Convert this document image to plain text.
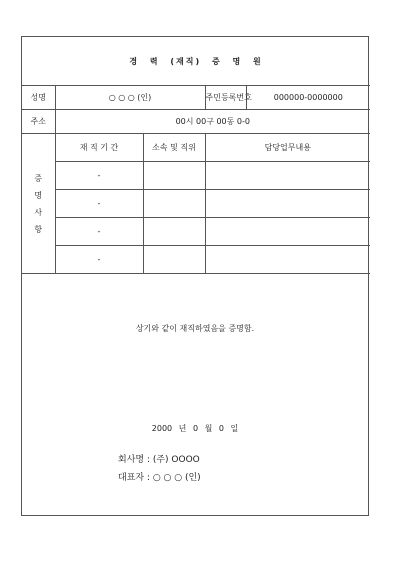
경 력 (재직) 증 명 원				
성명	○ ○ ○ (인)		주민등록번호	000000-0000000
주소	00시 00구 00동 0-0			

증
명
사
항	재 직 기 간	소속 및 직위	담당업무내용	
	-			
	-			
	-			
	-			
상기와 같이 재직하였음을 증명함.
2000 년 0 월 0 일
회사명 : (주) OOOO
대표자 : ○ ○ ○ (인)
